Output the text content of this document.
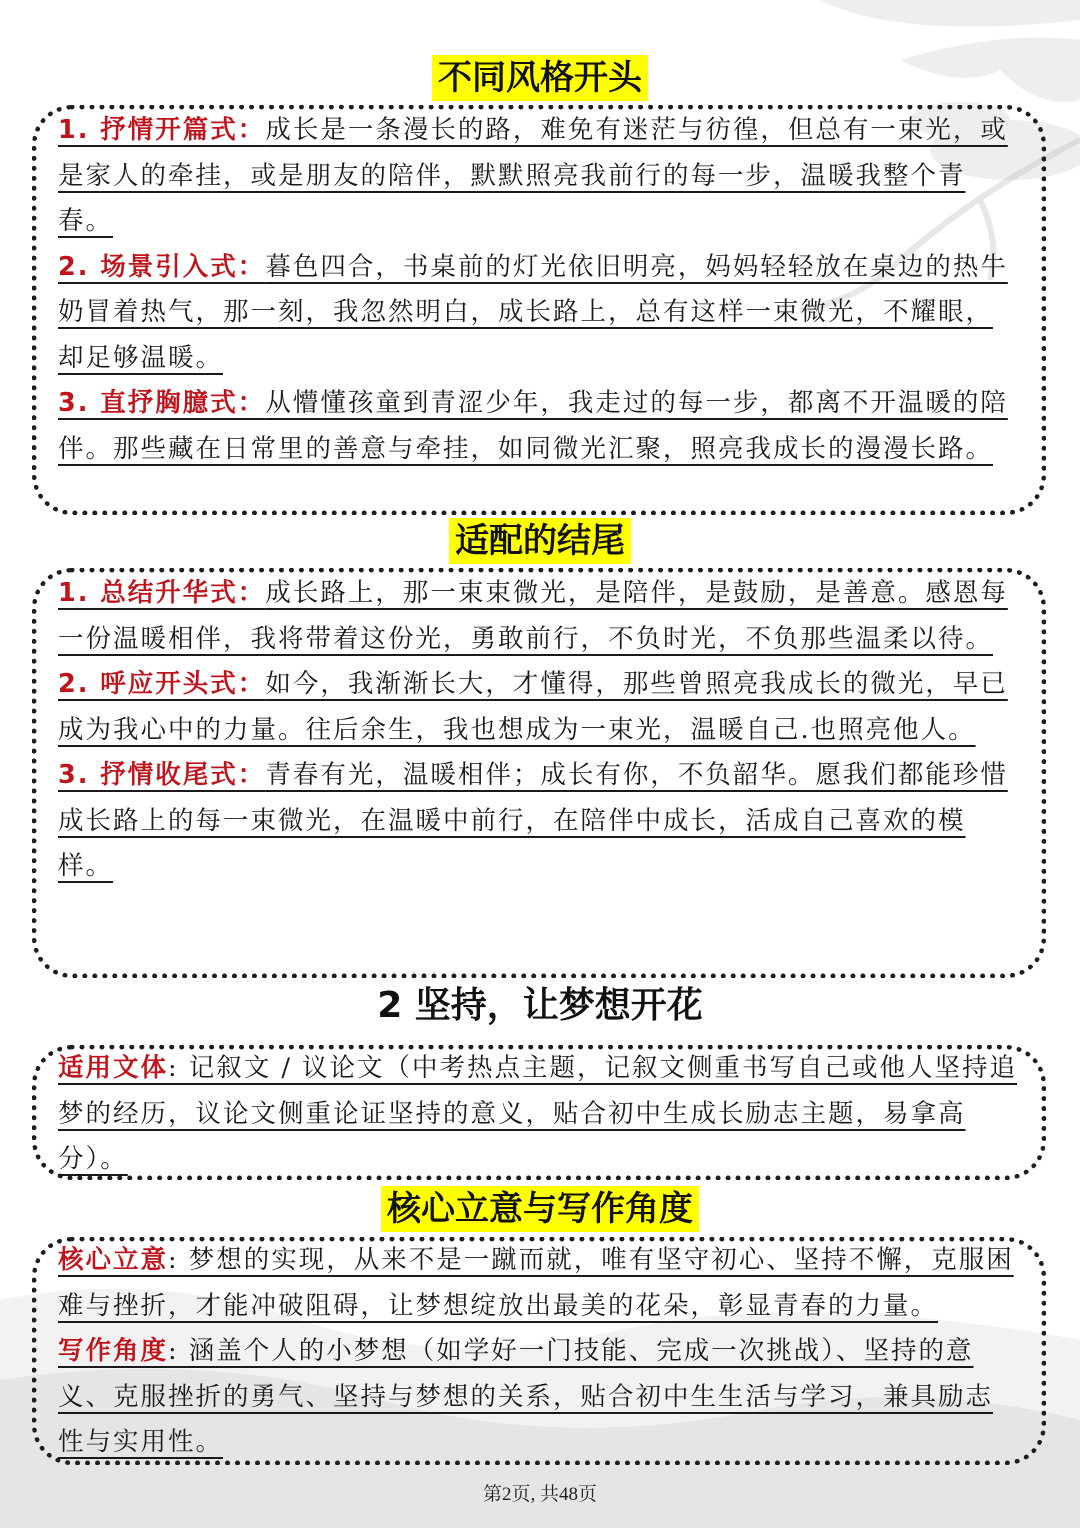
不同风格开头

1. 抒情开篇式：成长是一条漫长的路，难免有迷茫与彷徨，但总有一束光，或是家人的牵挂，或是朋友的陪伴，默默照亮我前行的每一步，温暖我整个青春。

2. 场景引入式：暮色四合，书桌前的灯光依旧明亮，妈妈轻轻放在桌边的热牛奶冒着热气，那一刻，我忽然明白，成长路上，总有这样一束微光，不耀眼，却足够温暖。

3. 直抒胸臆式：从懵懂孩童到青涩少年，我走过的每一步，都离不开温暖的陪伴。那些藏在日常里的善意与牵挂，如同微光汇聚，照亮我成长的漫漫长路。

适配的结尾

1. 总结升华式：成长路上，那一束束微光，是陪伴，是鼓励，是善意。感恩每一份温暖相伴，我将带着这份光，勇敢前行，不负时光，不负那些温柔以待。

2. 呼应开头式：如今，我渐渐长大，才懂得，那些曾照亮我成长的微光，早已成为我心中的力量。往后余生，我也想成为一束光，温暖自己.也照亮他人。

3. 抒情收尾式：青春有光，温暖相伴；成长有你，不负韶华。愿我们都能珍惜成长路上的每一束微光，在温暖中前行，在陪伴中成长，活成自己喜欢的模样。

2 坚持，让梦想开花

适用文体: 记叙文 / 议论文（中考热点主题，记叙文侧重书写自己或他人坚持追梦的经历，议论文侧重论证坚持的意义，贴合初中生成长励志主题，易拿高分）。

核心立意与写作角度

核心立意: 梦想的实现，从来不是一蹴而就，唯有坚守初心、坚持不懈，克服困难与挫折，才能冲破阻碍，让梦想绽放出最美的花朵，彰显青春的力量。

写作角度: 涵盖个人的小梦想（如学好一门技能、完成一次挑战）、坚持的意义、克服挫折的勇气、坚持与梦想的关系，贴合初中生生活与学习，兼具励志性与实用性。

第2页, 共48页
